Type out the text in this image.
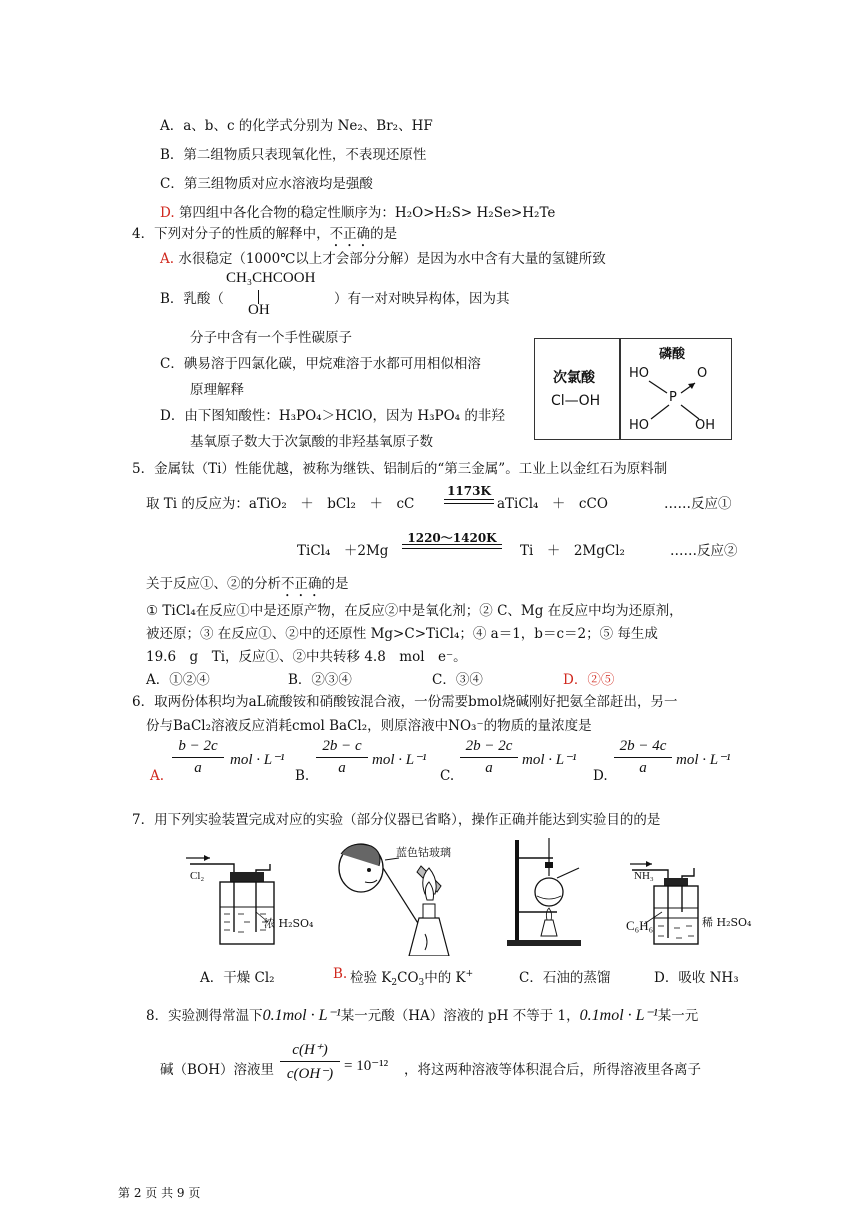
A．a、b、c 的化学式分别为 Ne₂、Br₂、HF
B．第二组物质只表现氧化性，不表现还原性
C．第三组物质对应水溶液均是强酸
D. 第四组中各化合物的稳定性顺序为：H₂O>H₂S> H₂Se>H₂Te
4．下列对分子的性质的解释中，不正确的是
A. 水很稳定（1000℃以上才会部分分解）是因为水中含有大量的氢键所致
B．乳酸（
CH₃CHCOOH
OH
）有一对对映异构体，因为其
分子中含有一个手性碳原子
C．碘易溶于四氯化碳，甲烷难溶于水都可用相似相溶
原理解释
D．由下图知酸性：H₃PO₄＞HClO，因为 H₃PO₄ 的非羟
基氧原子数大于次氯酸的非羟基氧原子数
次氯酸
Cl—OH
磷酸
HO	O
P
HO	OH
5．金属钛（Ti）性能优越，被称为继铁、铝制后的“第三金属”。工业上以金红石为原料制
取 Ti 的反应为：aTiO₂　＋　bCl₂　＋　cC
1173K
aTiCl₄　＋　cCO	……反应①
TiCl₄　＋2Mg
1220～1420K
Ti　＋　2MgCl₂	……反应②
关于反应①、②的分析不正确的是
① TiCl₄在反应①中是还原产物，在反应②中是氧化剂；② C、Mg 在反应中均为还原剂，
被还原；③ 在反应①、②中的还原性 Mg>C>TiCl₄；④ a＝1，b＝c＝2；⑤ 每生成
19.6　g　Ti，反应①、②中共转移 4.8　mol　e⁻。
A．①②④	B．②③④	C．③④	D．②⑤
6．取两份体积均为aL硫酸铵和硝酸铵混合液，一份需要bmol烧碱刚好把氨全部赶出，另一
份与BaCl₂溶液反应消耗cmol BaCl₂，则原溶液中NO₃⁻的物质的量浓度是
A.
b − 2c
a	mol · L⁻¹
B.
2b − c
a	mol · L⁻¹
C.
2b − 2c
a	mol · L⁻¹
D.
2b − 4c
a	mol · L⁻¹
7．用下列实验装置完成对应的实验（部分仪器已省略），操作正确并能达到实验目的的是
Cl₂
浓 H₂SO₄
蓝色钴玻璃
NH₃
C₆H₆	稀 H₂SO₄
A．干燥 Cl₂	B. 检验 $K_2CO_3$中的 K+	C．石油的蒸馏	D．吸收 NH₃
8．实验测得常温下0.1mol · L⁻¹某一元酸（HA）溶液的 pH 不等于 1，0.1mol · L⁻¹某一元
碱（BOH）溶液里
c(H⁺)
c(OH⁻) = 10⁻¹² ，将这两种溶液等体积混合后，所得溶液里各离子
第 2 页 共 9 页
